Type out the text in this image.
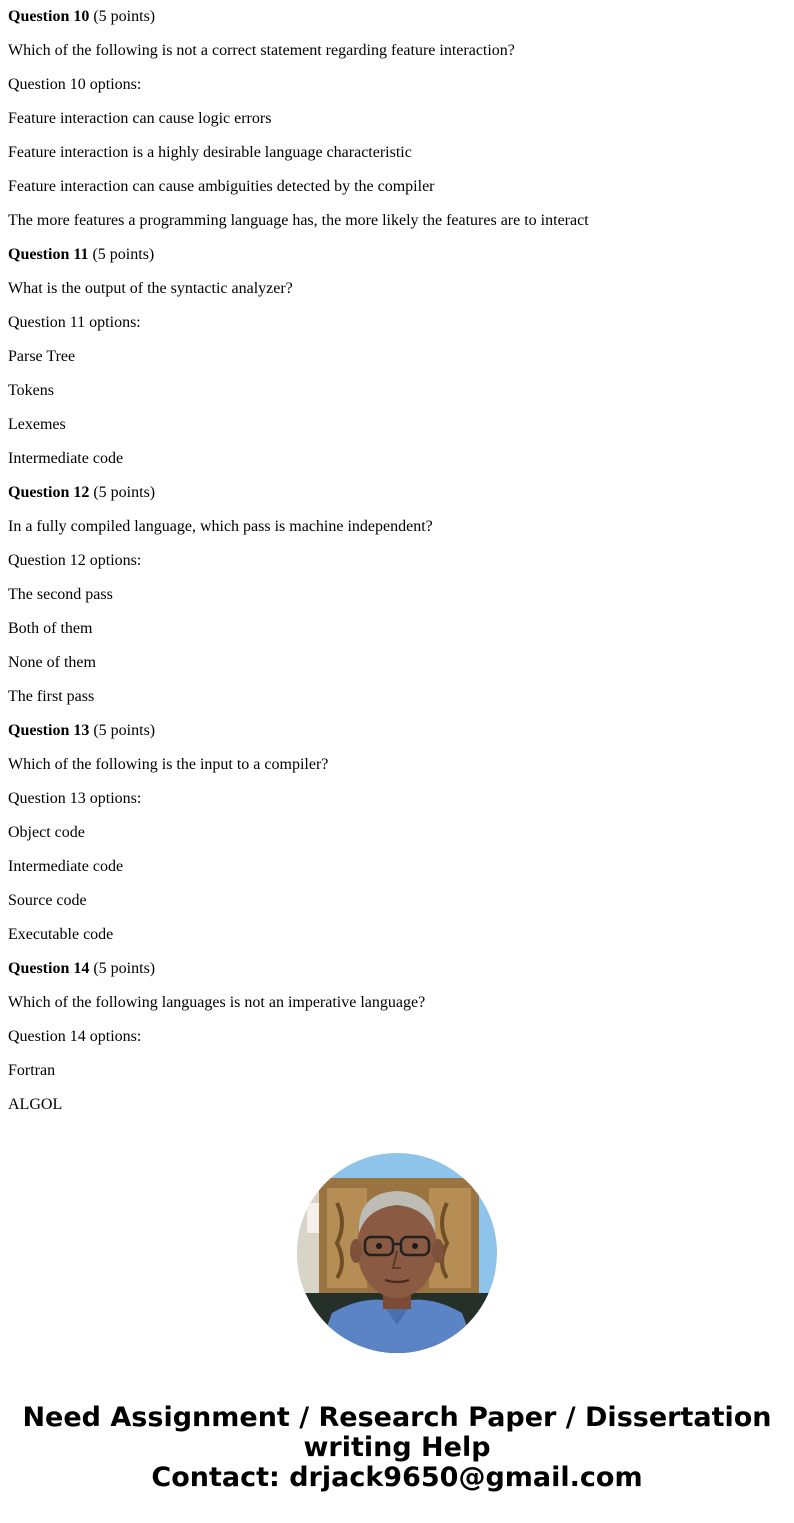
Question 10 (5 points)
Which of the following is not a correct statement regarding feature interaction?
Question 10 options:
Feature interaction can cause logic errors
Feature interaction is a highly desirable language characteristic
Feature interaction can cause ambiguities detected by the compiler
The more features a programming language has, the more likely the features are to interact
Question 11 (5 points)
What is the output of the syntactic analyzer?
Question 11 options:
Parse Tree
Tokens
Lexemes
Intermediate code
Question 12 (5 points)
In a fully compiled language, which pass is machine independent?
Question 12 options:
The second pass
Both of them
None of them
The first pass
Question 13 (5 points)
Which of the following is the input to a compiler?
Question 13 options:
Object code
Intermediate code
Source code
Executable code
Question 14 (5 points)
Which of the following languages is not an imperative language?
Question 14 options:
Fortran
ALGOL
Need Assignment / Research Paper / Dissertation
writing Help
Contact: drjack9650@gmail.com
